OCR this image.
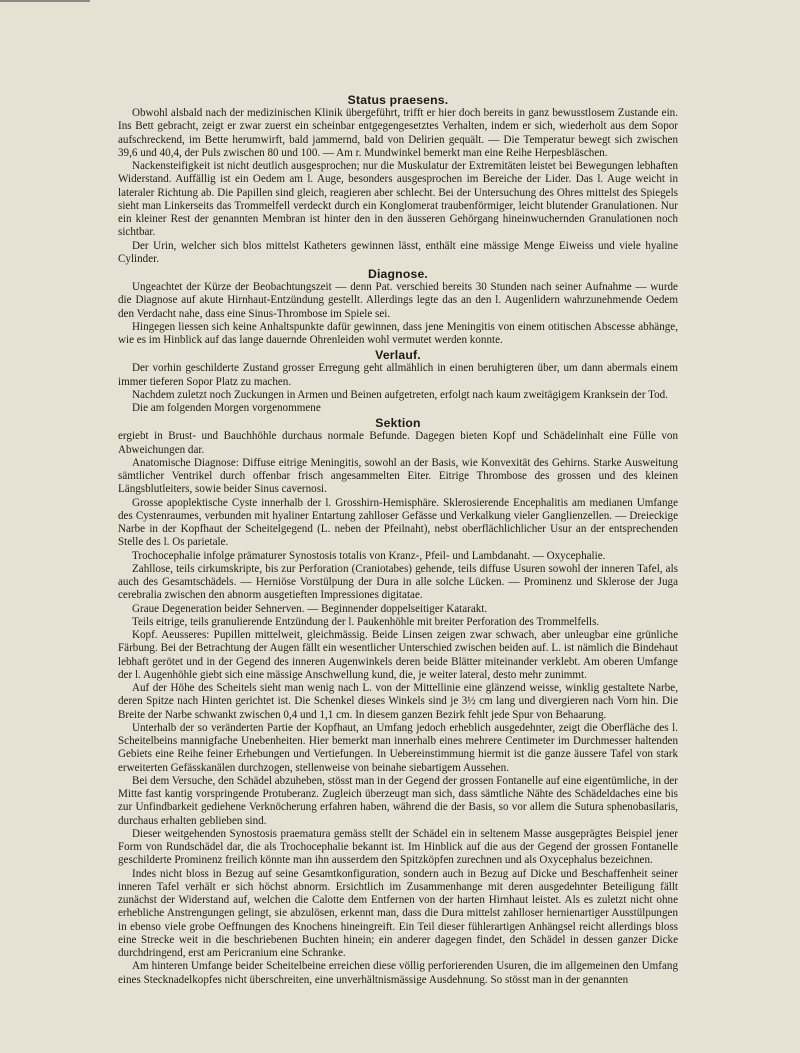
Status praesens.

Obwohl alsbald nach der medizinischen Klinik übergeführt, trifft er hier doch bereits in ganz bewusstlosem Zustande ein. Ins Bett gebracht, zeigt er zwar zuerst ein scheinbar entgegengesetztes Verhalten, indem er sich, wiederholt aus dem Sopor aufschreckend, im Bette herumwirft, bald jammernd, bald von Delirien gequält. — Die Temperatur bewegt sich zwischen 39,6 und 40,4, der Puls zwischen 80 und 100. — Am r. Mundwinkel bemerkt man eine Reihe Herpesbläschen.

Nackensteifigkeit ist nicht deutlich ausgesprochen; nur die Muskulatur der Extremitäten leistet bei Bewegungen lebhaften Widerstand. Auffällig ist ein Oedem am l. Auge, besonders ausgesprochen im Bereiche der Lider. Das l. Auge weicht in lateraler Richtung ab. Die Papillen sind gleich, reagieren aber schlecht. Bei der Untersuchung des Ohres mittelst des Spiegels sieht man Linkerseits das Trommelfell verdeckt durch ein Konglomerat traubenförmiger, leicht blutender Granulationen. Nur ein kleiner Rest der genannten Membran ist hinter den in den äusseren Gehörgang hineinwuchernden Granulationen noch sichtbar.

Der Urin, welcher sich blos mittelst Katheters gewinnen lässt, enthält eine mässige Menge Eiweiss und viele hyaline Cylinder.

Diagnose.

Ungeachtet der Kürze der Beobachtungszeit — denn Pat. verschied bereits 30 Stunden nach seiner Aufnahme — wurde die Diagnose auf akute Hirnhaut-Entzündung gestellt. Allerdings legte das an den l. Augenlidern wahrzunehmende Oedem den Verdacht nahe, dass eine Sinus-Thrombose im Spiele sei.

Hingegen liessen sich keine Anhaltspunkte dafür gewinnen, dass jene Meningitis von einem otitischen Abscesse abhänge, wie es im Hinblick auf das lange dauernde Ohrenleiden wohl vermutet werden konnte.

Verlauf.

Der vorhin geschilderte Zustand grosser Erregung geht allmählich in einen beruhigteren über, um dann abermals einem immer tieferen Sopor Platz zu machen.

Nachdem zuletzt noch Zuckungen in Armen und Beinen aufgetreten, erfolgt nach kaum zweitägigem Kranksein der Tod.

Die am folgenden Morgen vorgenommene

Sektion

ergiebt in Brust- und Bauchhöhle durchaus normale Befunde. Dagegen bieten Kopf und Schädelinhalt eine Fülle von Abweichungen dar.

Anatomische Diagnose: Diffuse eitrige Meningitis, sowohl an der Basis, wie Konvexität des Gehirns. Starke Ausweitung sämtlicher Ventrikel durch offenbar frisch angesammelten Eiter. Eitrige Thrombose des grossen und des kleinen Längsblutleiters, sowie beider Sinus cavernosi.

Grosse apoplektische Cyste innerhalb der l. Grosshirn-Hemisphäre. Sklerosierende Encephalitis am medianen Umfange des Cystenraumes, verbunden mit hyaliner Entartung zahlloser Gefässe und Verkalkung vieler Ganglienzellen. — Dreieckige Narbe in der Kopfhaut der Scheitelgegend (L. neben der Pfeilnaht), nebst oberflächlichlicher Usur an der entsprechenden Stelle des l. Os parietale.

Trochocephalie infolge prämaturer Synostosis totalis von Kranz-, Pfeil- und Lambdanaht. — Oxycephalie.

Zahllose, teils cirkumskripte, bis zur Perforation (Craniotabes) gehende, teils diffuse Usuren sowohl der inneren Tafel, als auch des Gesamtschädels. — Herniöse Vorstülpung der Dura in alle solche Lücken. — Prominenz und Sklerose der Juga cerebralia zwischen den abnorm ausgetieften Impressiones digitatae.

Graue Degeneration beider Sehnerven. — Beginnender doppelseitiger Katarakt.

Teils eitrige, teils granulierende Entzündung der l. Paukenhöhle mit breiter Perforation des Trommelfells.

Kopf. Aeusseres: Pupillen mittelweit, gleichmässig. Beide Linsen zeigen zwar schwach, aber unleugbar eine grünliche Färbung. Bei der Betrachtung der Augen fällt ein wesentlicher Unterschied zwischen beiden auf. L. ist nämlich die Bindehaut lebhaft gerötet und in der Gegend des inneren Augenwinkels deren beide Blätter miteinander verklebt. Am oberen Umfange der l. Augenhöhle giebt sich eine mässige Anschwellung kund, die, je weiter lateral, desto mehr zunimmt.

Auf der Höhe des Scheitels sieht man wenig nach L. von der Mittellinie eine glänzend weisse, winklig gestaltete Narbe, deren Spitze nach Hinten gerichtet ist. Die Schenkel dieses Winkels sind je 3½ cm lang und divergieren nach Vorn hin. Die Breite der Narbe schwankt zwischen 0,4 und 1,1 cm. In diesem ganzen Bezirk fehlt jede Spur von Behaarung.

Unterhalb der so veränderten Partie der Kopfhaut, an Umfang jedoch erheblich ausgedehnter, zeigt die Oberfläche des l. Scheitelbeins mannigfache Unebenheiten. Hier bemerkt man innerhalb eines mehrere Centimeter im Durchmesser haltenden Gebiets eine Reihe feiner Erhebungen und Vertiefungen. In Uebereinstimmung hiermit ist die ganze äussere Tafel von stark erweiterten Gefässkanälen durchzogen, stellenweise von beinahe siebartigem Aussehen.

Bei dem Versuche, den Schädel abzuheben, stösst man in der Gegend der grossen Fontanelle auf eine eigentümliche, in der Mitte fast kantig vorspringende Protuberanz. Zugleich überzeugt man sich, dass sämtliche Nähte des Schädeldaches eine bis zur Unfindbarkeit gediehene Verknöcherung erfahren haben, während die der Basis, so vor allem die Sutura sphenobasilaris, durchaus erhalten geblieben sind.

Dieser weitgehenden Synostosis praematura gemäss stellt der Schädel ein in seltenem Masse ausgeprägtes Beispiel jener Form von Rundschädel dar, die als Trochocephalie bekannt ist. Im Hinblick auf die aus der Gegend der grossen Fontanelle geschilderte Prominenz freilich könnte man ihn ausserdem den Spitzköpfen zurechnen und als Oxycephalus bezeichnen.

Indes nicht bloss in Bezug auf seine Gesamtkonfiguration, sondern auch in Bezug auf Dicke und Beschaffenheit seiner inneren Tafel verhält er sich höchst abnorm. Ersichtlich im Zusammenhange mit deren ausgedehnter Beteiligung fällt zunächst der Widerstand auf, welchen die Calotte dem Entfernen von der harten Hirnhaut leistet. Als es zuletzt nicht ohne erhebliche Anstrengungen gelingt, sie abzulösen, erkennt man, dass die Dura mittelst zahlloser hernienartiger Ausstülpungen in ebenso viele grobe Oeffnungen des Knochens hineingreift. Ein Teil dieser fühlerartigen Anhängsel reicht allerdings bloss eine Strecke weit in die beschriebenen Buchten hinein; ein anderer dagegen findet, den Schädel in dessen ganzer Dicke durchdringend, erst am Pericranium eine Schranke.

Am hinteren Umfange beider Scheitelbeine erreichen diese völlig perforierenden Usuren, die im allgemeinen den Umfang eines Stecknadelkopfes nicht überschreiten, eine unverhältnismässige Ausdehnung. So stösst man in der genannten
